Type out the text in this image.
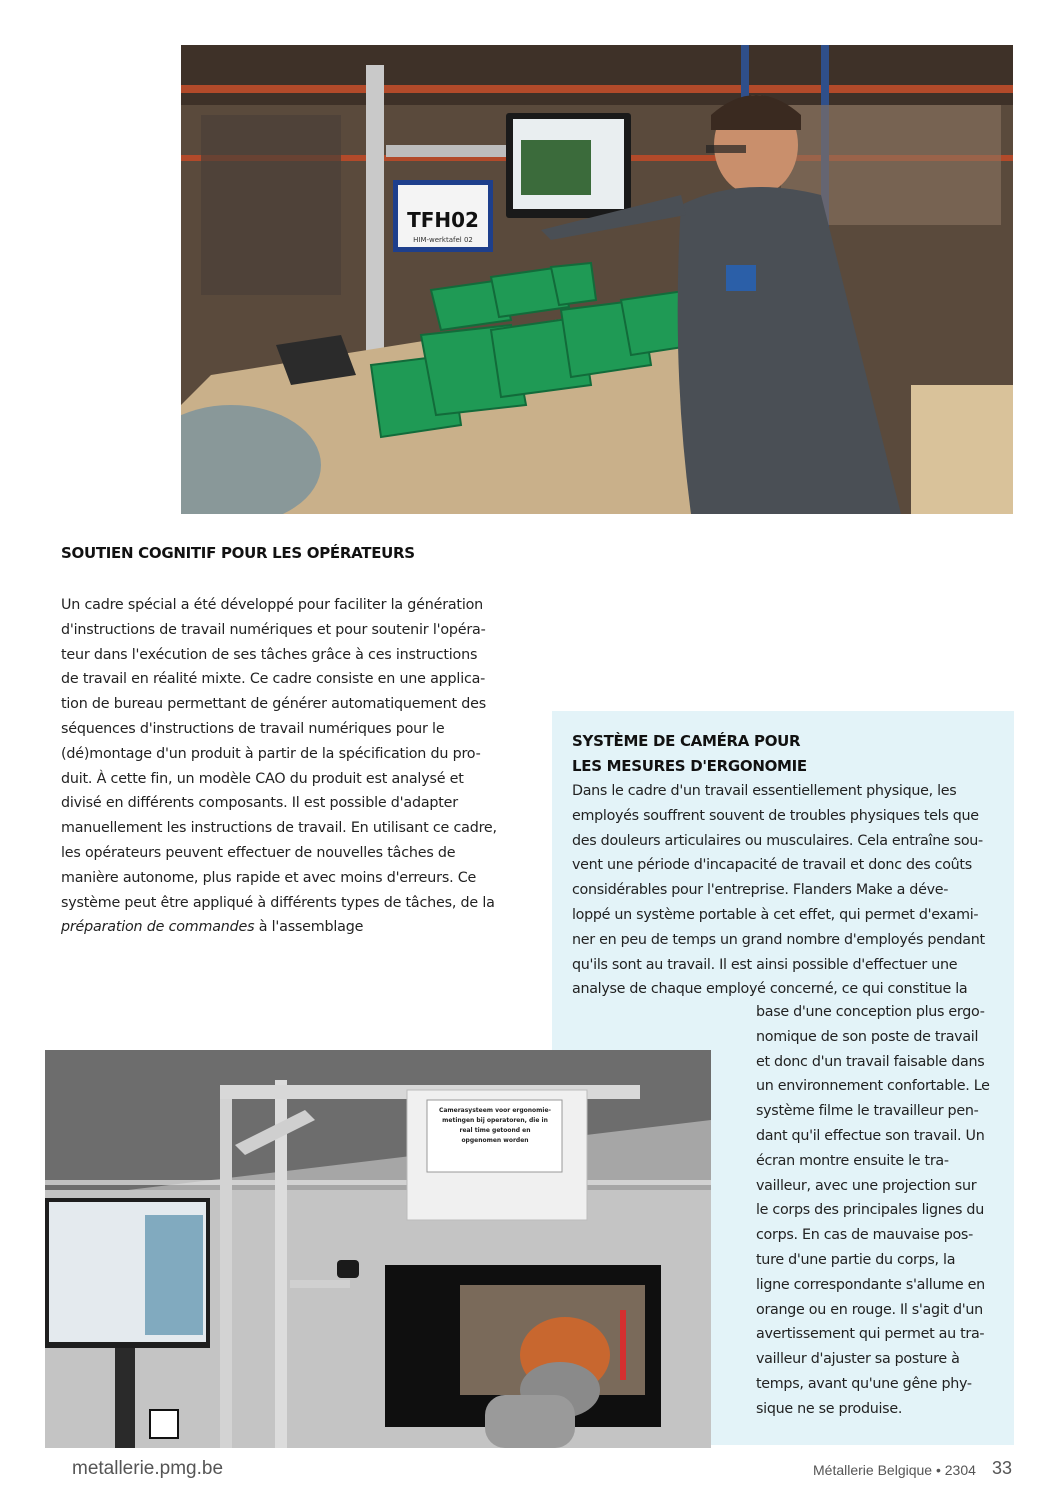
TFH02
HIM-werktafel 02
SOUTIEN COGNITIF POUR LES OPÉRATEURS
Un cadre spécial a été développé pour faciliter la génération
d'instructions de travail numériques et pour soutenir l'opéra-
teur dans l'exécution de ses tâches grâce à ces instructions
de travail en réalité mixte. Ce cadre consiste en une applica-
tion de bureau permettant de générer automatiquement des
séquences d'instructions de travail numériques pour le
(dé)montage d'un produit à partir de la spécification du pro-
duit. À cette fin, un modèle CAO du produit est analysé et
divisé en différents composants. Il est possible d'adapter
manuellement les instructions de travail. En utilisant ce cadre,
les opérateurs peuvent effectuer de nouvelles tâches de
manière autonome, plus rapide et avec moins d'erreurs. Ce
système peut être appliqué à différents types de tâches, de la
préparation de commandes à l'assemblage
SYSTÈME DE CAMÉRA POUR
LES MESURES D'ERGONOMIE
Dans le cadre d'un travail essentiellement physique, les
employés souffrent souvent de troubles physiques tels que
des douleurs articulaires ou musculaires. Cela entraîne sou-
vent une période d'incapacité de travail et donc des coûts
considérables pour l'entreprise. Flanders Make a déve-
loppé un système portable à cet effet, qui permet d'exami-
ner en peu de temps un grand nombre d'employés pendant
qu'ils sont au travail. Il est ainsi possible d'effectuer une
analyse de chaque employé concerné, ce qui constitue la
base d'une conception plus ergo-
nomique de son poste de travail
et donc d'un travail faisable dans
un environnement confortable. Le
système filme le travailleur pen-
dant qu'il effectue son travail. Un
écran montre ensuite le tra-
vailleur, avec une projection sur
le corps des principales lignes du
corps. En cas de mauvaise pos-
ture d'une partie du corps, la
ligne correspondante s'allume en
orange ou en rouge. Il s'agit d'un
avertissement qui permet au tra-
vailleur d'ajuster sa posture à
temps, avant qu'une gêne phy-
sique ne se produise.
Camerasysteem voor ergonomie-
metingen bij operatoren, die in
real time getoond en
opgenomen worden
metallerie.pmg.be	Métallerie Belgique • 2304 33
